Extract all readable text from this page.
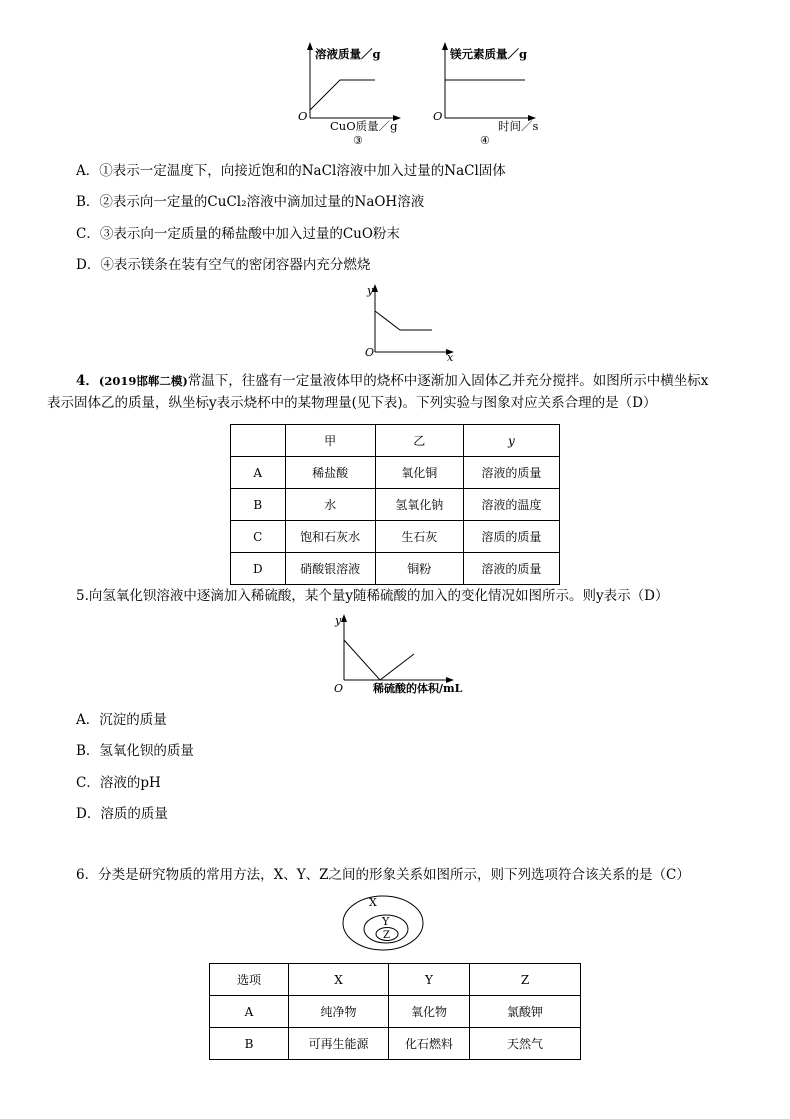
溶液质量／g
O
CuO质量／g
③
镁元素质量／g
O
时间／s
④
A．①表示一定温度下，向接近饱和的NaCl溶液中加入过量的NaCl固体
B．②表示向一定量的CuCl₂溶液中滴加过量的NaOH溶液
C．③表示向一定质量的稀盐酸中加入过量的CuO粉末
D．④表示镁条在装有空气的密闭容器内充分燃烧
y
O	x
4．(2019邯郸二模)常温下，往盛有一定量液体甲的烧杯中逐渐加入固体乙并充分搅拌。如图所示中横坐标x
表示固体乙的质量，纵坐标y表示烧杯中的某物理量(见下表)。下列实验与图象对应关系合理的是（D）
	甲	乙	y
A	稀盐酸	氧化铜	溶液的质量
B	水	氢氧化钠	溶液的温度
C	饱和石灰水	生石灰	溶质的质量
D	硝酸银溶液	铜粉	溶液的质量
5.向氢氧化钡溶液中逐滴加入稀硫酸，某个量y随稀硫酸的加入的变化情况如图所示。则y表示（D）
y
O	稀硫酸的体积/mL
A．沉淀的质量
B．氢氧化钡的质量
C．溶液的pH
D．溶质的质量
6．分类是研究物质的常用方法，X、Y、Z之间的形象关系如图所示，则下列选项符合该关系的是（C）
X
Y
Z
选项	X	Y	Z
A	纯净物	氧化物	氯酸钾
B	可再生能源	化石燃料	天然气
